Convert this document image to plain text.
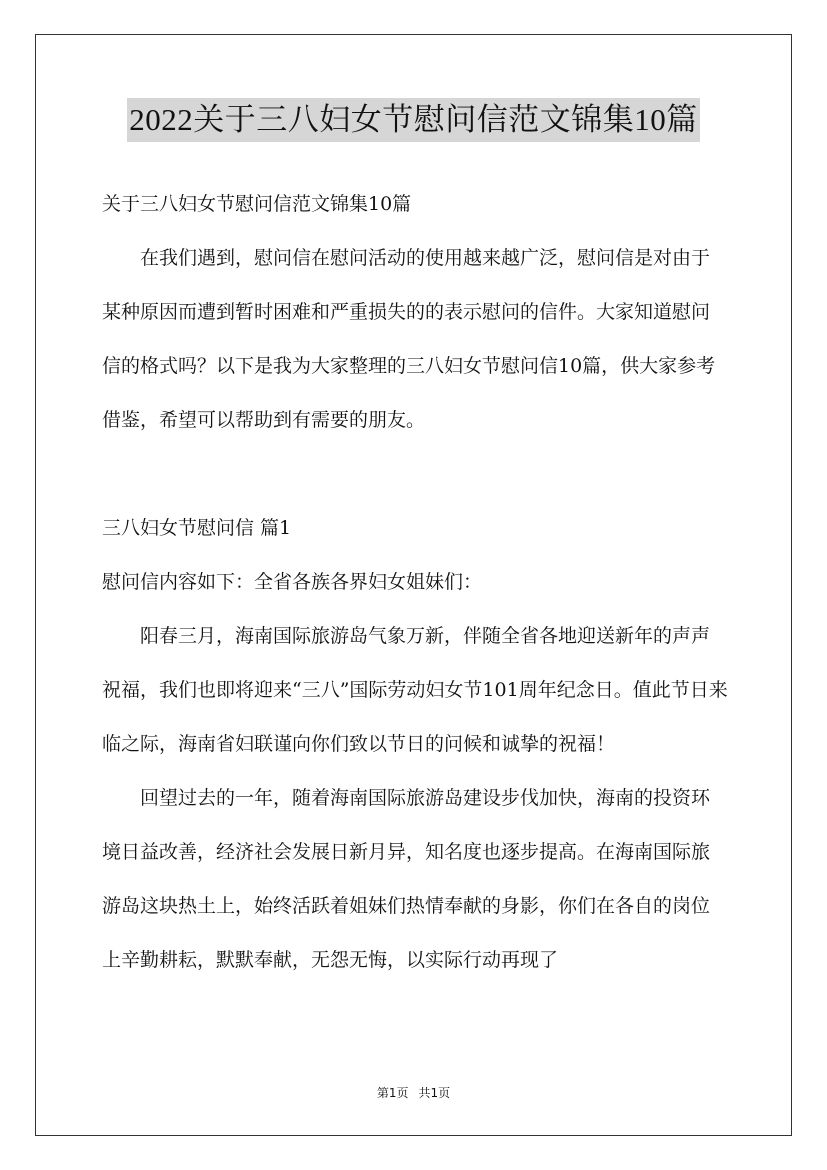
2022关于三八妇女节慰问信范文锦集10篇

关于三八妇女节慰问信范文锦集10篇

在我们遇到，慰问信在慰问活动的使用越来越广泛，慰问信是对由于某种原因而遭到暂时困难和严重损失的的表示慰问的信件。大家知道慰问信的格式吗？以下是我为大家整理的三八妇女节慰问信10篇，供大家参考借鉴，希望可以帮助到有需要的朋友。

三八妇女节慰问信 篇1

慰问信内容如下：全省各族各界妇女姐妹们：

阳春三月，海南国际旅游岛气象万新，伴随全省各地迎送新年的声声祝福，我们也即将迎来“三八”国际劳动妇女节101周年纪念日。值此节日来临之际，海南省妇联谨向你们致以节日的问候和诚挚的祝福！

回望过去的一年，随着海南国际旅游岛建设步伐加快，海南的投资环境日益改善，经济社会发展日新月异，知名度也逐步提高。在海南国际旅游岛这块热土上，始终活跃着姐妹们热情奉献的身影，你们在各自的岗位上辛勤耕耘，默默奉献，无怨无悔，以实际行动再现了

第1页 共1页
